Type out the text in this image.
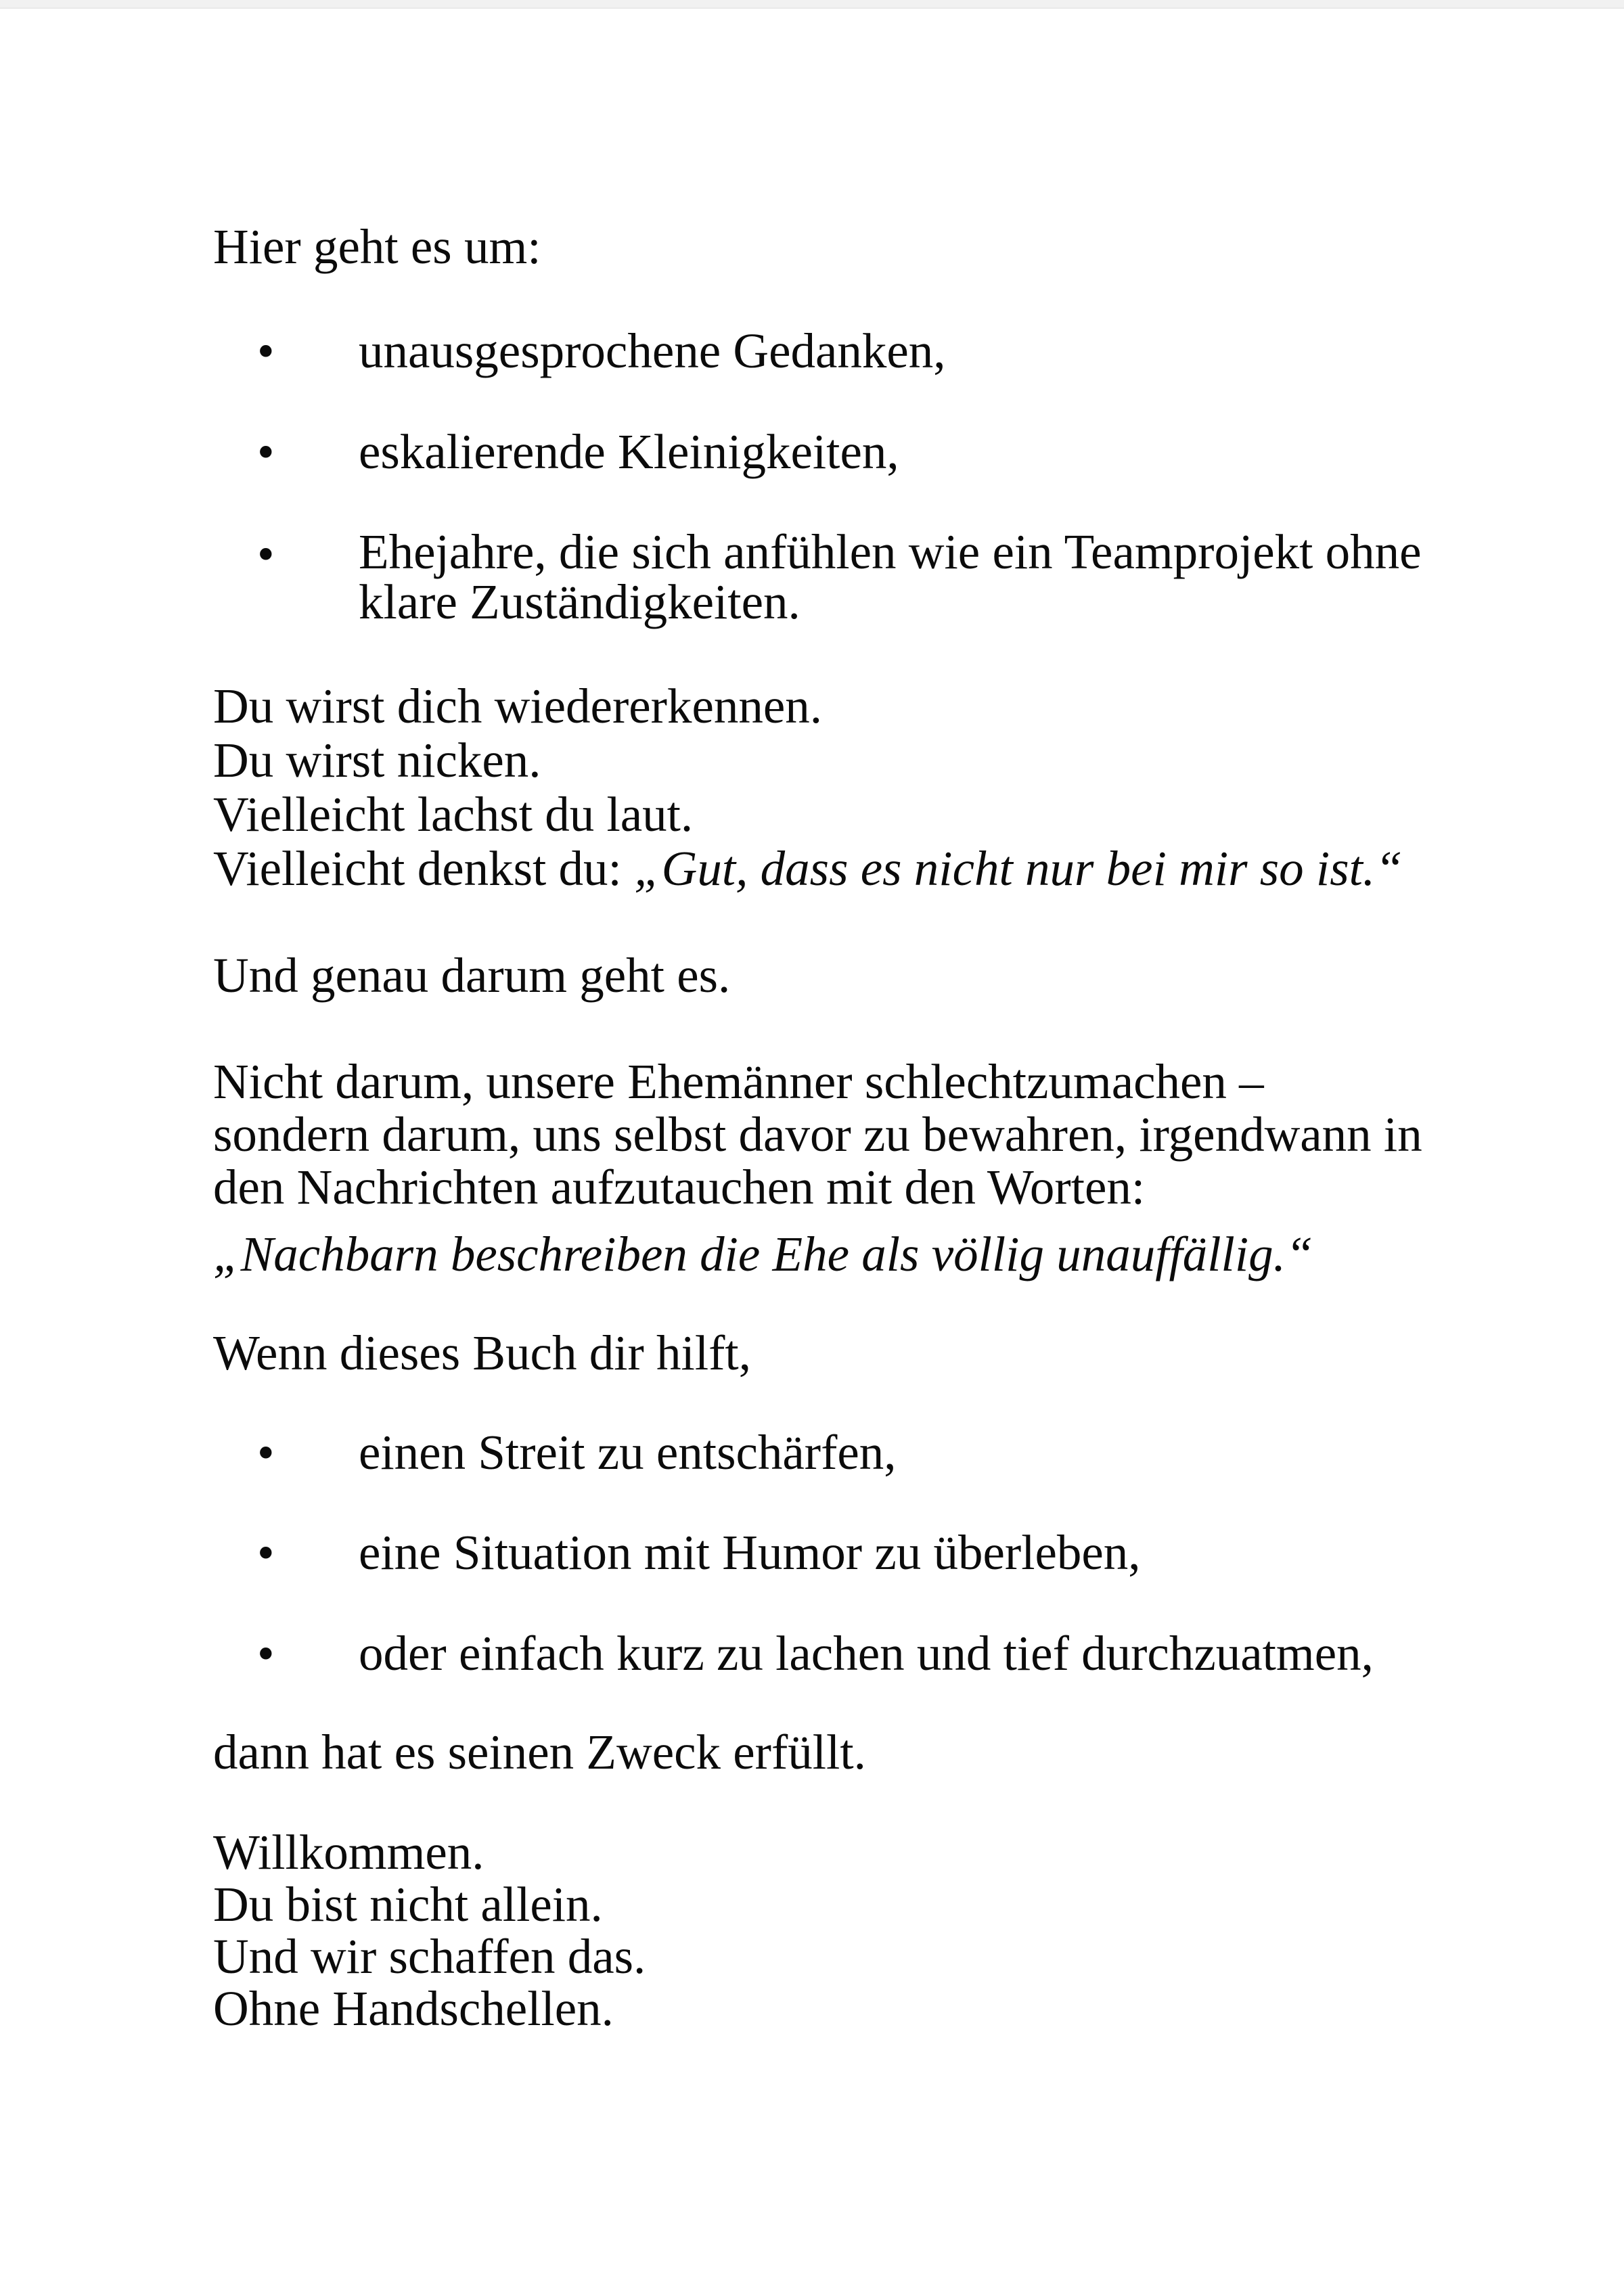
Hier geht es um:
• unausgesprochene Gedanken,
• eskalierende Kleinigkeiten,
• Ehejahre, die sich anfühlen wie ein Teamprojekt ohne
klare Zuständigkeiten.
Du wirst dich wiedererkennen.
Du wirst nicken.
Vielleicht lachst du laut.
Vielleicht denkst du: „Gut, dass es nicht nur bei mir so ist.“
Und genau darum geht es.
Nicht darum, unsere Ehemänner schlechtzumachen –
sondern darum, uns selbst davor zu bewahren, irgendwann in
den Nachrichten aufzutauchen mit den Worten:
„Nachbarn beschreiben die Ehe als völlig unauffällig.“
Wenn dieses Buch dir hilft,
• einen Streit zu entschärfen,
• eine Situation mit Humor zu überleben,
• oder einfach kurz zu lachen und tief durchzuatmen,
dann hat es seinen Zweck erfüllt.
Willkommen.
Du bist nicht allein.
Und wir schaffen das.
Ohne Handschellen.
